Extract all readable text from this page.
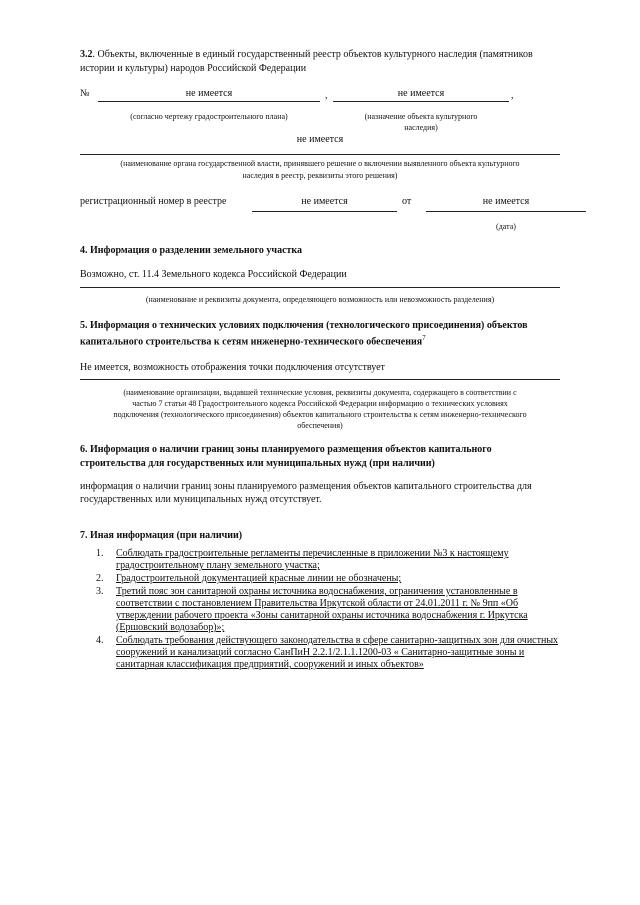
3.2. Объекты, включенные в единый государственный реестр объектов культурного наследия (памятников
истории и культуры) народов Российской Федерации
№	не имеется	,	не имеется	,
(согласно чертежу градостроительного плана)	(назначение объекта культурного
наследия)
не имеется
(наименование органа государственной власти, принявшего решение о включении выявленного объекта культурного
наследия в реестр, реквизиты этого решения)
регистрационный номер в реестре	не имеется	от	не имеется
(дата)
4. Информация о разделении земельного участка
Возможно, ст. 11.4 Земельного кодекса Российской Федерации
(наименование и реквизиты документа, определяющего возможность или невозможность разделения)
5. Информация о технических условиях подключения (технологического присоединения) объектов
капитального строительства к сетям инженерно-технического обеспечения$^7$
Не имеется, возможность отображения точки подключения отсутствует
(наименование организации, выдавшей технические условия, реквизиты документа, содержащего в соответствии с
частью 7 статьи 48 Градостроительного кодекса Российской Федерации информацию о технических условиях
подключения (технологического присоединения) объектов капитального строительства к сетям инженерно-технического
обеспечения)
6. Информация о наличии границ зоны планируемого размещения объектов капитального
строительства для государственных или муниципальных нужд (при наличии)
информация о наличии границ зоны планируемого размещения объектов капитального строительства для
государственных или муниципальных нужд отсутствует.
7. Иная информация (при наличии)
1. Соблюдать градостроительные регламенты перечисленные в приложении №3 к настоящему
градостроительному плану земельного участка;
2. Градостроительной документацией красные линии не обозначены;
3. Третий пояс зон санитарной охраны источника водоснабжения, ограничения установленные в
соответствии с постановлением Правительства Иркутской области от 24.01.2011 г. № 9пп «Об
утверждении рабочего проекта «Зоны санитарной охраны источника водоснабжения г. Иркутска
(Ершовский водозабор)»;
4. Соблюдать требования действующего законодательства в сфере санитарно-защитных зон для очистных
сооружений и канализаций согласно СанПиН 2.2.1/2.1.1.1200-03 « Санитарно-защитные зоны и
санитарная классификация предприятий, сооружений и иных объектов»
